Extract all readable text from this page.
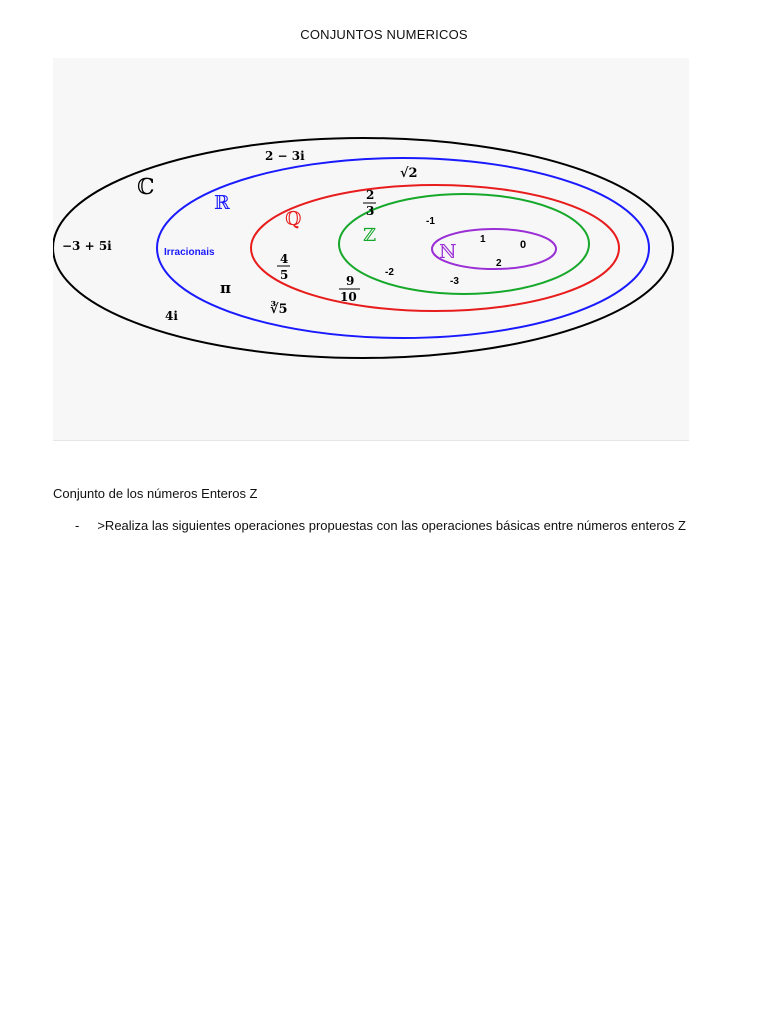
CONJUNTOS NUMERICOS
ℂ
ℝ
ℚ
ℤ
ℕ
2 − 3i
−3 + 5i
4i
Irracionais
√2
π
∛5
2
3
4
5	9
10
-1
-2
-3
1	0
2
Conjunto de los números Enteros Z
- >Realiza las siguientes operaciones propuestas con las operaciones básicas entre números enteros Z
